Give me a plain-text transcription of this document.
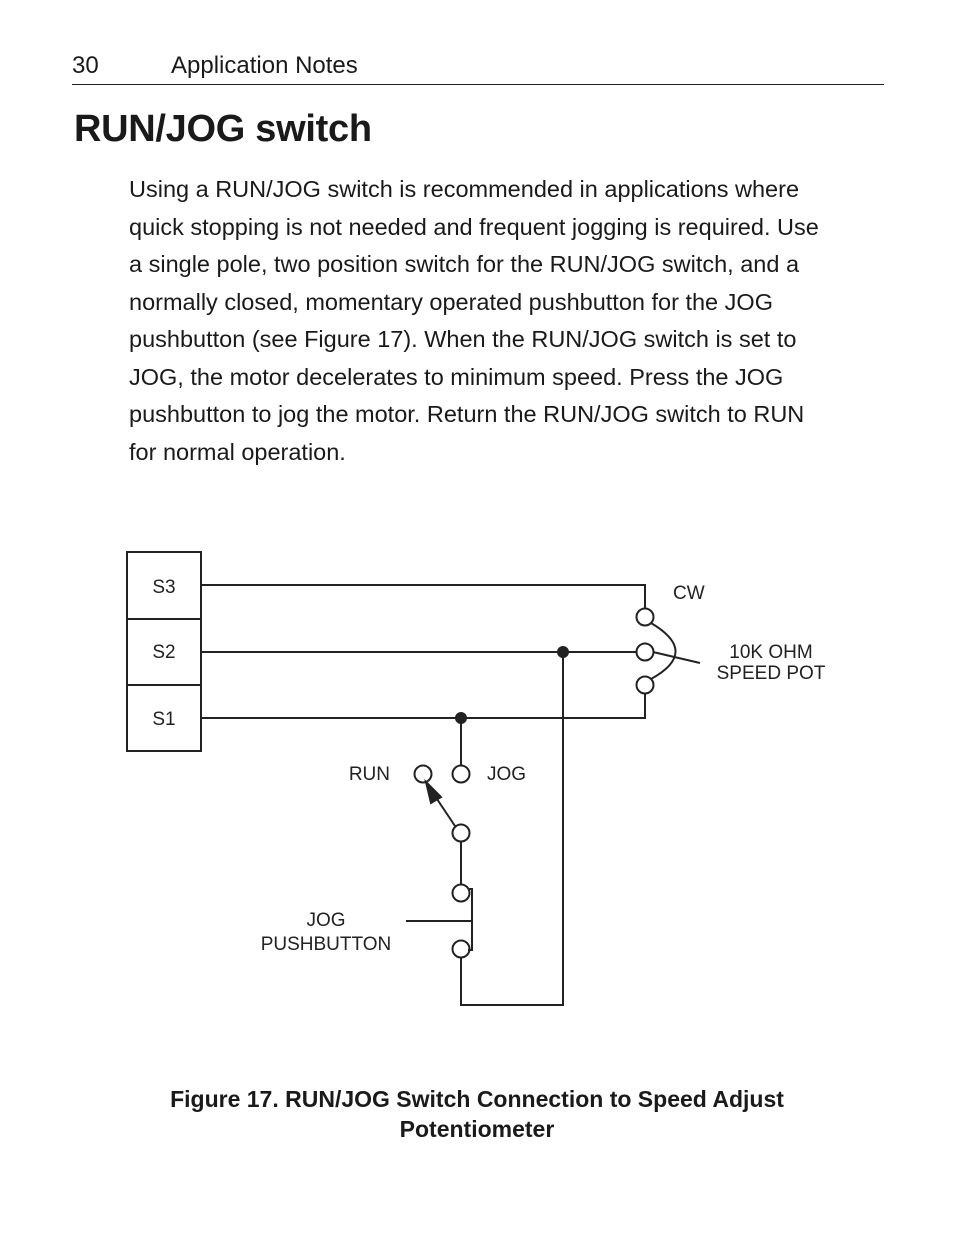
30	Application Notes
RUN/JOG switch

Using a RUN/JOG switch is recommended in applications where
quick stopping is not needed and frequent jogging is required. Use
a single pole, two position switch for the RUN/JOG switch, and a
normally closed, momentary operated pushbutton for the JOG
pushbutton (see Figure 17). When the RUN/JOG switch is set to
JOG, the motor decelerates to minimum speed. Press the JOG
pushbutton to jog the motor. Return the RUN/JOG switch to RUN
for normal operation.

S3
S2
S1
CW
10K OHM
SPEED POT
RUN	JOG
JOG
PUSHBUTTON
Figure 17. RUN/JOG Switch Connection to Speed Adjust
Potentiometer
